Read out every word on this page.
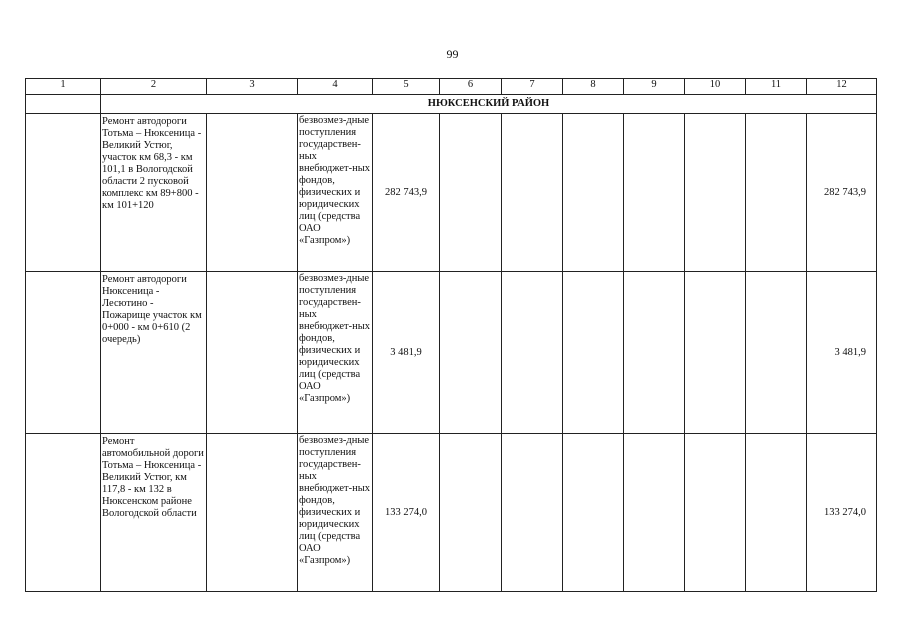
99
1	2	3	4	5	6	7	8	9	10	11	12
	НЮКСЕНСКИЙ РАЙОН										
	Ремонт автодороги Тотьма – Нюксеница - Великий Устюг, участок км 68,3 - км 101,1 в Вологодской области 2 пусковой комплекс км 89+800 - км 101+120		безвозмез-дные поступления государствен-ных внебюджет-ных фондов, физических и юридических лиц (средства ОАО «Газпром»)	282 743,9							282 743,9
	Ремонт автодороги Нюксеница - Лесютино - Пожарище участок км 0+000 - км 0+610 (2 очередь)		безвозмез-дные поступления государствен-ных внебюджет-ных фондов, физических и юридических лиц (средства ОАО «Газпром»)	3 481,9							3 481,9
	Ремонт автомобильной дороги Тотьма – Нюксеница - Великий Устюг, км 117,8 - км 132 в Нюксенском районе Вологодской области		безвозмез-дные поступления государствен-ных внебюджет-ных фондов, физических и юридических лиц (средства ОАО «Газпром»)	133 274,0							133 274,0
